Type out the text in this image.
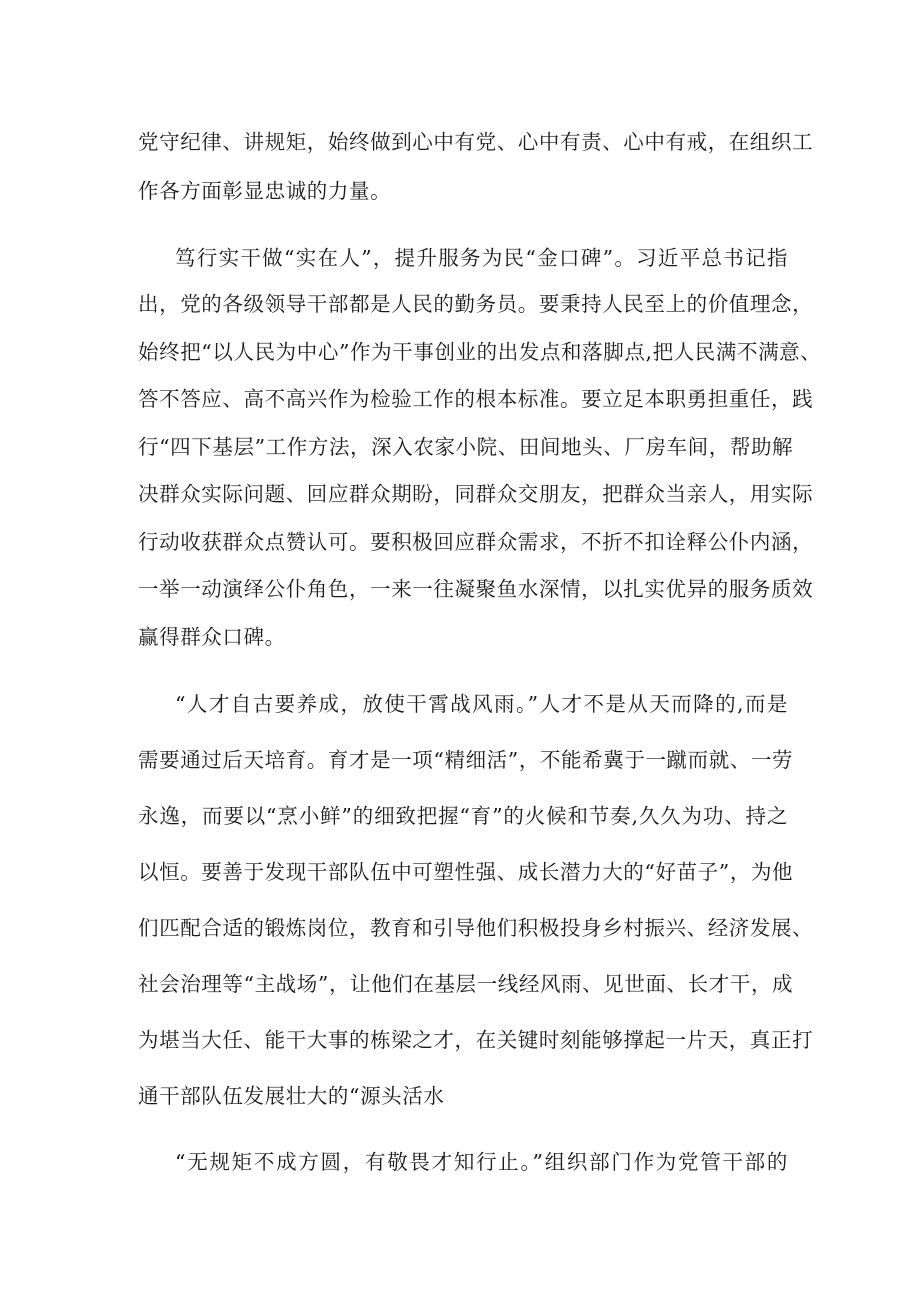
党守纪律、讲规矩，始终做到心中有党、心中有责、心中有戒，在组织工
作各方面彰显忠诚的力量。
笃行实干做“实在人”，提升服务为民“金口碑”。习近平总书记指
出，党的各级领导干部都是人民的勤务员。要秉持人民至上的价值理念，
始终把“以人民为中心”作为干事创业的出发点和落脚点,把人民满不满意、
答不答应、高不高兴作为检验工作的根本标准。要立足本职勇担重任，践
行“四下基层”工作方法，深入农家小院、田间地头、厂房车间，帮助解
决群众实际问题、回应群众期盼，同群众交朋友，把群众当亲人，用实际
行动收获群众点赞认可。要积极回应群众需求，不折不扣诠释公仆内涵，
一举一动演绎公仆角色，一来一往凝聚鱼水深情，以扎实优异的服务质效
赢得群众口碑。
“人才自古要养成，放使干霄战风雨。”人才不是从天而降的,而是
需要通过后天培育。育才是一项“精细活”，不能希冀于一蹴而就、一劳
永逸，而要以“烹小鲜”的细致把握“育”的火候和节奏,久久为功、持之
以恒。要善于发现干部队伍中可塑性强、成长潜力大的“好苗子”，为他
们匹配合适的锻炼岗位，教育和引导他们积极投身乡村振兴、经济发展、
社会治理等“主战场”，让他们在基层一线经风雨、见世面、长才干，成
为堪当大任、能干大事的栋梁之才，在关键时刻能够撑起一片天，真正打
通干部队伍发展壮大的“源头活水
“无规矩不成方圆，有敬畏才知行止。”组织部门作为党管干部的
